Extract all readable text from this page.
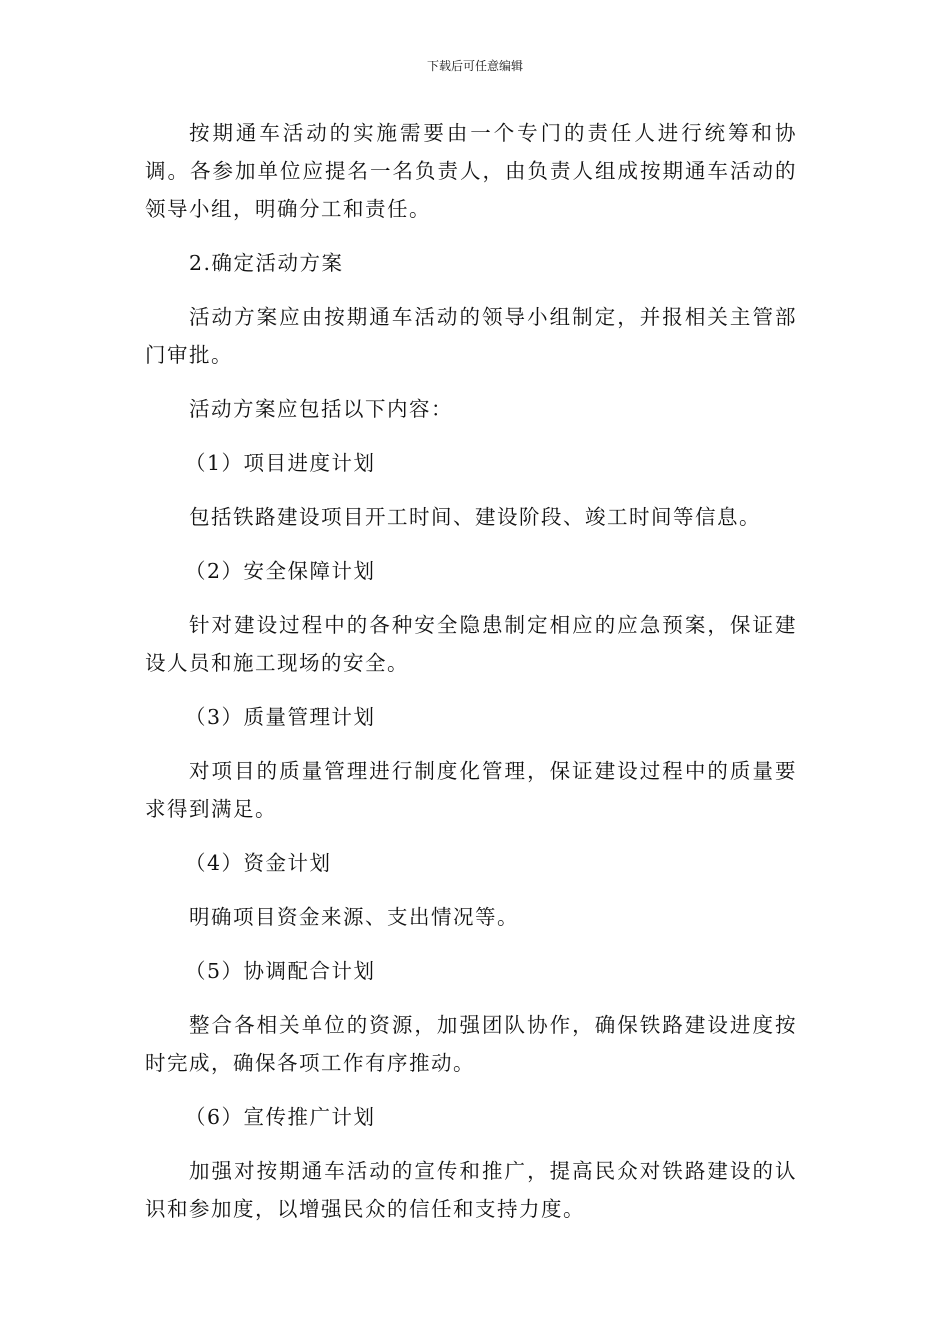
下载后可任意编辑

按期通车活动的实施需要由一个专门的责任人进行统筹和协调。各参加单位应提名一名负责人，由负责人组成按期通车活动的领导小组，明确分工和责任。

2.确定活动方案

活动方案应由按期通车活动的领导小组制定，并报相关主管部门审批。

活动方案应包括以下内容：

（1）项目进度计划

包括铁路建设项目开工时间、建设阶段、竣工时间等信息。

（2）安全保障计划

针对建设过程中的各种安全隐患制定相应的应急预案，保证建设人员和施工现场的安全。

（3）质量管理计划

对项目的质量管理进行制度化管理，保证建设过程中的质量要求得到满足。

（4）资金计划

明确项目资金来源、支出情况等。

（5）协调配合计划

整合各相关单位的资源，加强团队协作，确保铁路建设进度按时完成，确保各项工作有序推动。

（6）宣传推广计划

加强对按期通车活动的宣传和推广，提高民众对铁路建设的认识和参加度，以增强民众的信任和支持力度。
